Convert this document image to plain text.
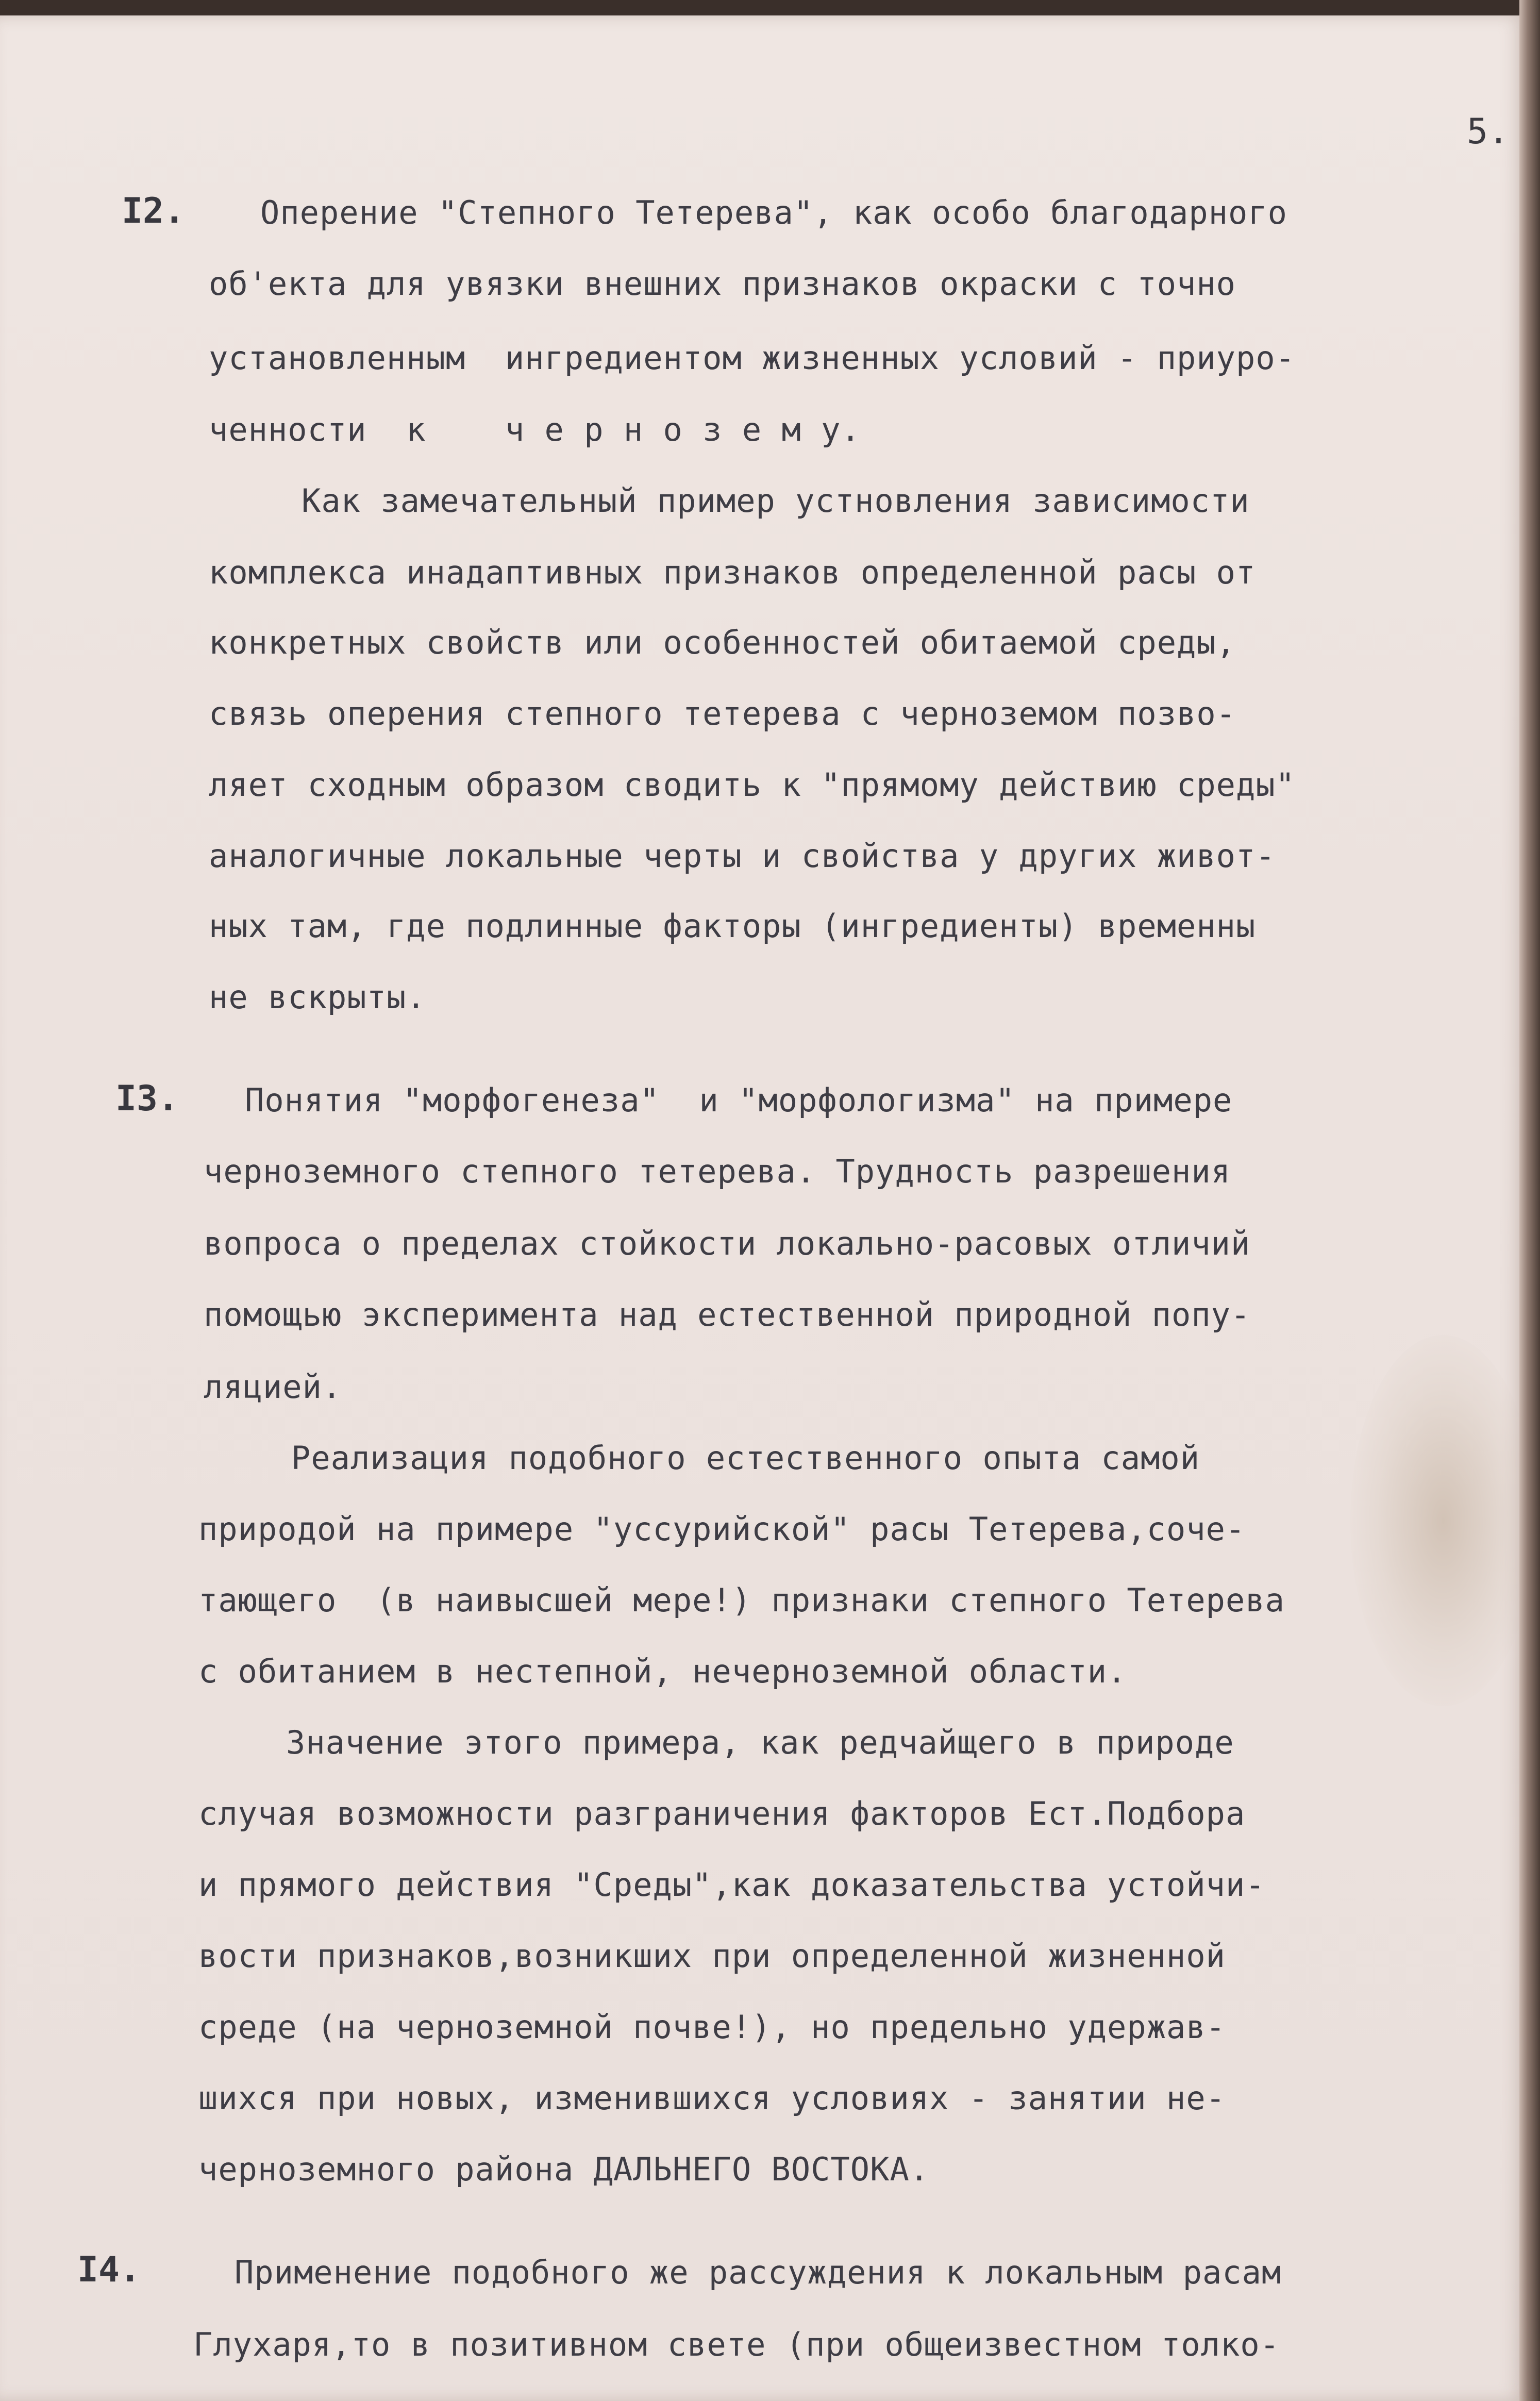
5.
I2. Оперение "Степного Тетерева", как особо благодарного
об'екта для увязки внешних признаков окраски с точно
установленным  ингредиентом жизненных условий - приуро-
ченности  к    ч е р н о з е м у.
Как замечательный пример устновления зависимости
комплекса инадаптивных признаков определенной расы от
конкретных свойств или особенностей обитаемой среды,
связь оперения степного тетерева с черноземом позво-
ляет сходным образом сводить к "прямому действию среды"
аналогичные локальные черты и свойства у других живот-
ных там, где подлинные факторы (ингредиенты) временны
не вскрыты.
I3. Понятия "морфогенеза"  и "морфологизма" на примере
черноземного степного тетерева. Трудность разрешения
вопроса о пределах стойкости локально-расовых отличий
помощью эксперимента над естественной природной попу-
ляцией.
Реализация подобного естественного опыта самой
природой на примере "уссурийской" расы Тетерева,соче-
тающего  (в наивысшей мере!) признаки степного Тетерева
с обитанием в нестепной, нечерноземной области.
Значение этого примера, как редчайщего в природе
случая возможности разграничения факторов Ест.Подбора
и прямого действия "Среды",как доказательства устойчи-
вости признаков,возникших при определенной жизненной
среде (на черноземной почве!), но предельно удержав-
шихся при новых, изменившихся условиях - занятии не-
черноземного района ДАЛЬНЕГО ВОСТОКА.
I4.	Применение подобного же рассуждения к локальным расам
Глухаря,то в позитивном свете (при общеизвестном толко-
